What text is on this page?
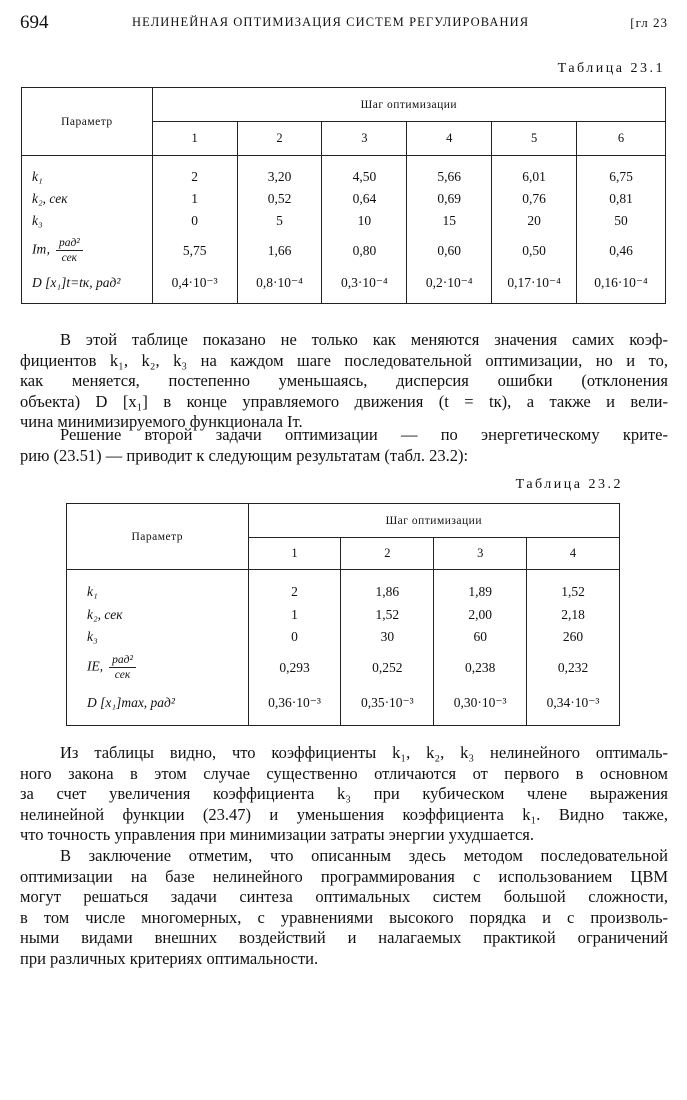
694	НЕЛИНЕЙНАЯ ОПТИМИЗАЦИЯ СИСТЕМ РЕГУЛИРОВАНИЯ	[гл 23
Таблица 23.1
Параметр	Шаг оптимизации					
	1	2	3	4	5	6
k₁	2	3,20	4,50	5,66	6,01	6,75
k₂, сек	1	0,52	0,64	0,69	0,76	0,81
k₃	0	5	10	15	20	50
Iт, $\frac{\text{рад²}}{\text{сек}}$	5,75	1,66	0,80	0,60	0,50	0,46
D [x₁]t=tк, рад²	0,4·10⁻³	0,8·10⁻⁴	0,3·10⁻⁴	0,2·10⁻⁴	0,17·10⁻⁴	0,16·10⁻⁴
В этой таблице показано не только как меняются значения самих коэф-
фициентов k₁, k₂, k₃ на каждом шаге последовательной оптимизации, но и то,
как меняется, постепенно уменьшаясь, дисперсия ошибки (отклонения
объекта) D [x₁] в конце управляемого движения (t = tк), а также и вели-
чина минимизируемого функционала Iт.
Решение второй задачи оптимизации — по энергетическому крите-
рию (23.51) — приводит к следующим результатам (табл. 23.2):
Таблица 23.2
Параметр	Шаг оптимизации			
	1	2	3	4
k₁	2	1,86	1,89	1,52
k₂, сек	1	1,52	2,00	2,18
k₃	0	30	60	260
IE, $\frac{\text{рад²}}{\text{сек}}$	0,293	0,252	0,238	0,232
D [x₁]max, рад²	0,36·10⁻³	0,35·10⁻³	0,30·10⁻³	0,34·10⁻³
Из таблицы видно, что коэффициенты k₁, k₂, k₃ нелинейного оптималь-
ного закона в этом случае существенно отличаются от первого в основном
за счет увеличения коэффициента k₃ при кубическом члене выражения
нелинейной функции (23.47) и уменьшения коэффициента k₁. Видно также,
что точность управления при минимизации затраты энергии ухудшается.
В заключение отметим, что описанным здесь методом последовательной
оптимизации на базе нелинейного программирования с использованием ЦВМ
могут решаться задачи синтеза оптимальных систем большой сложности,
в том числе многомерных, с уравнениями высокого порядка и с произволь-
ными видами внешних воздействий и налагаемых практикой ограничений
при различных критериях оптимальности.
